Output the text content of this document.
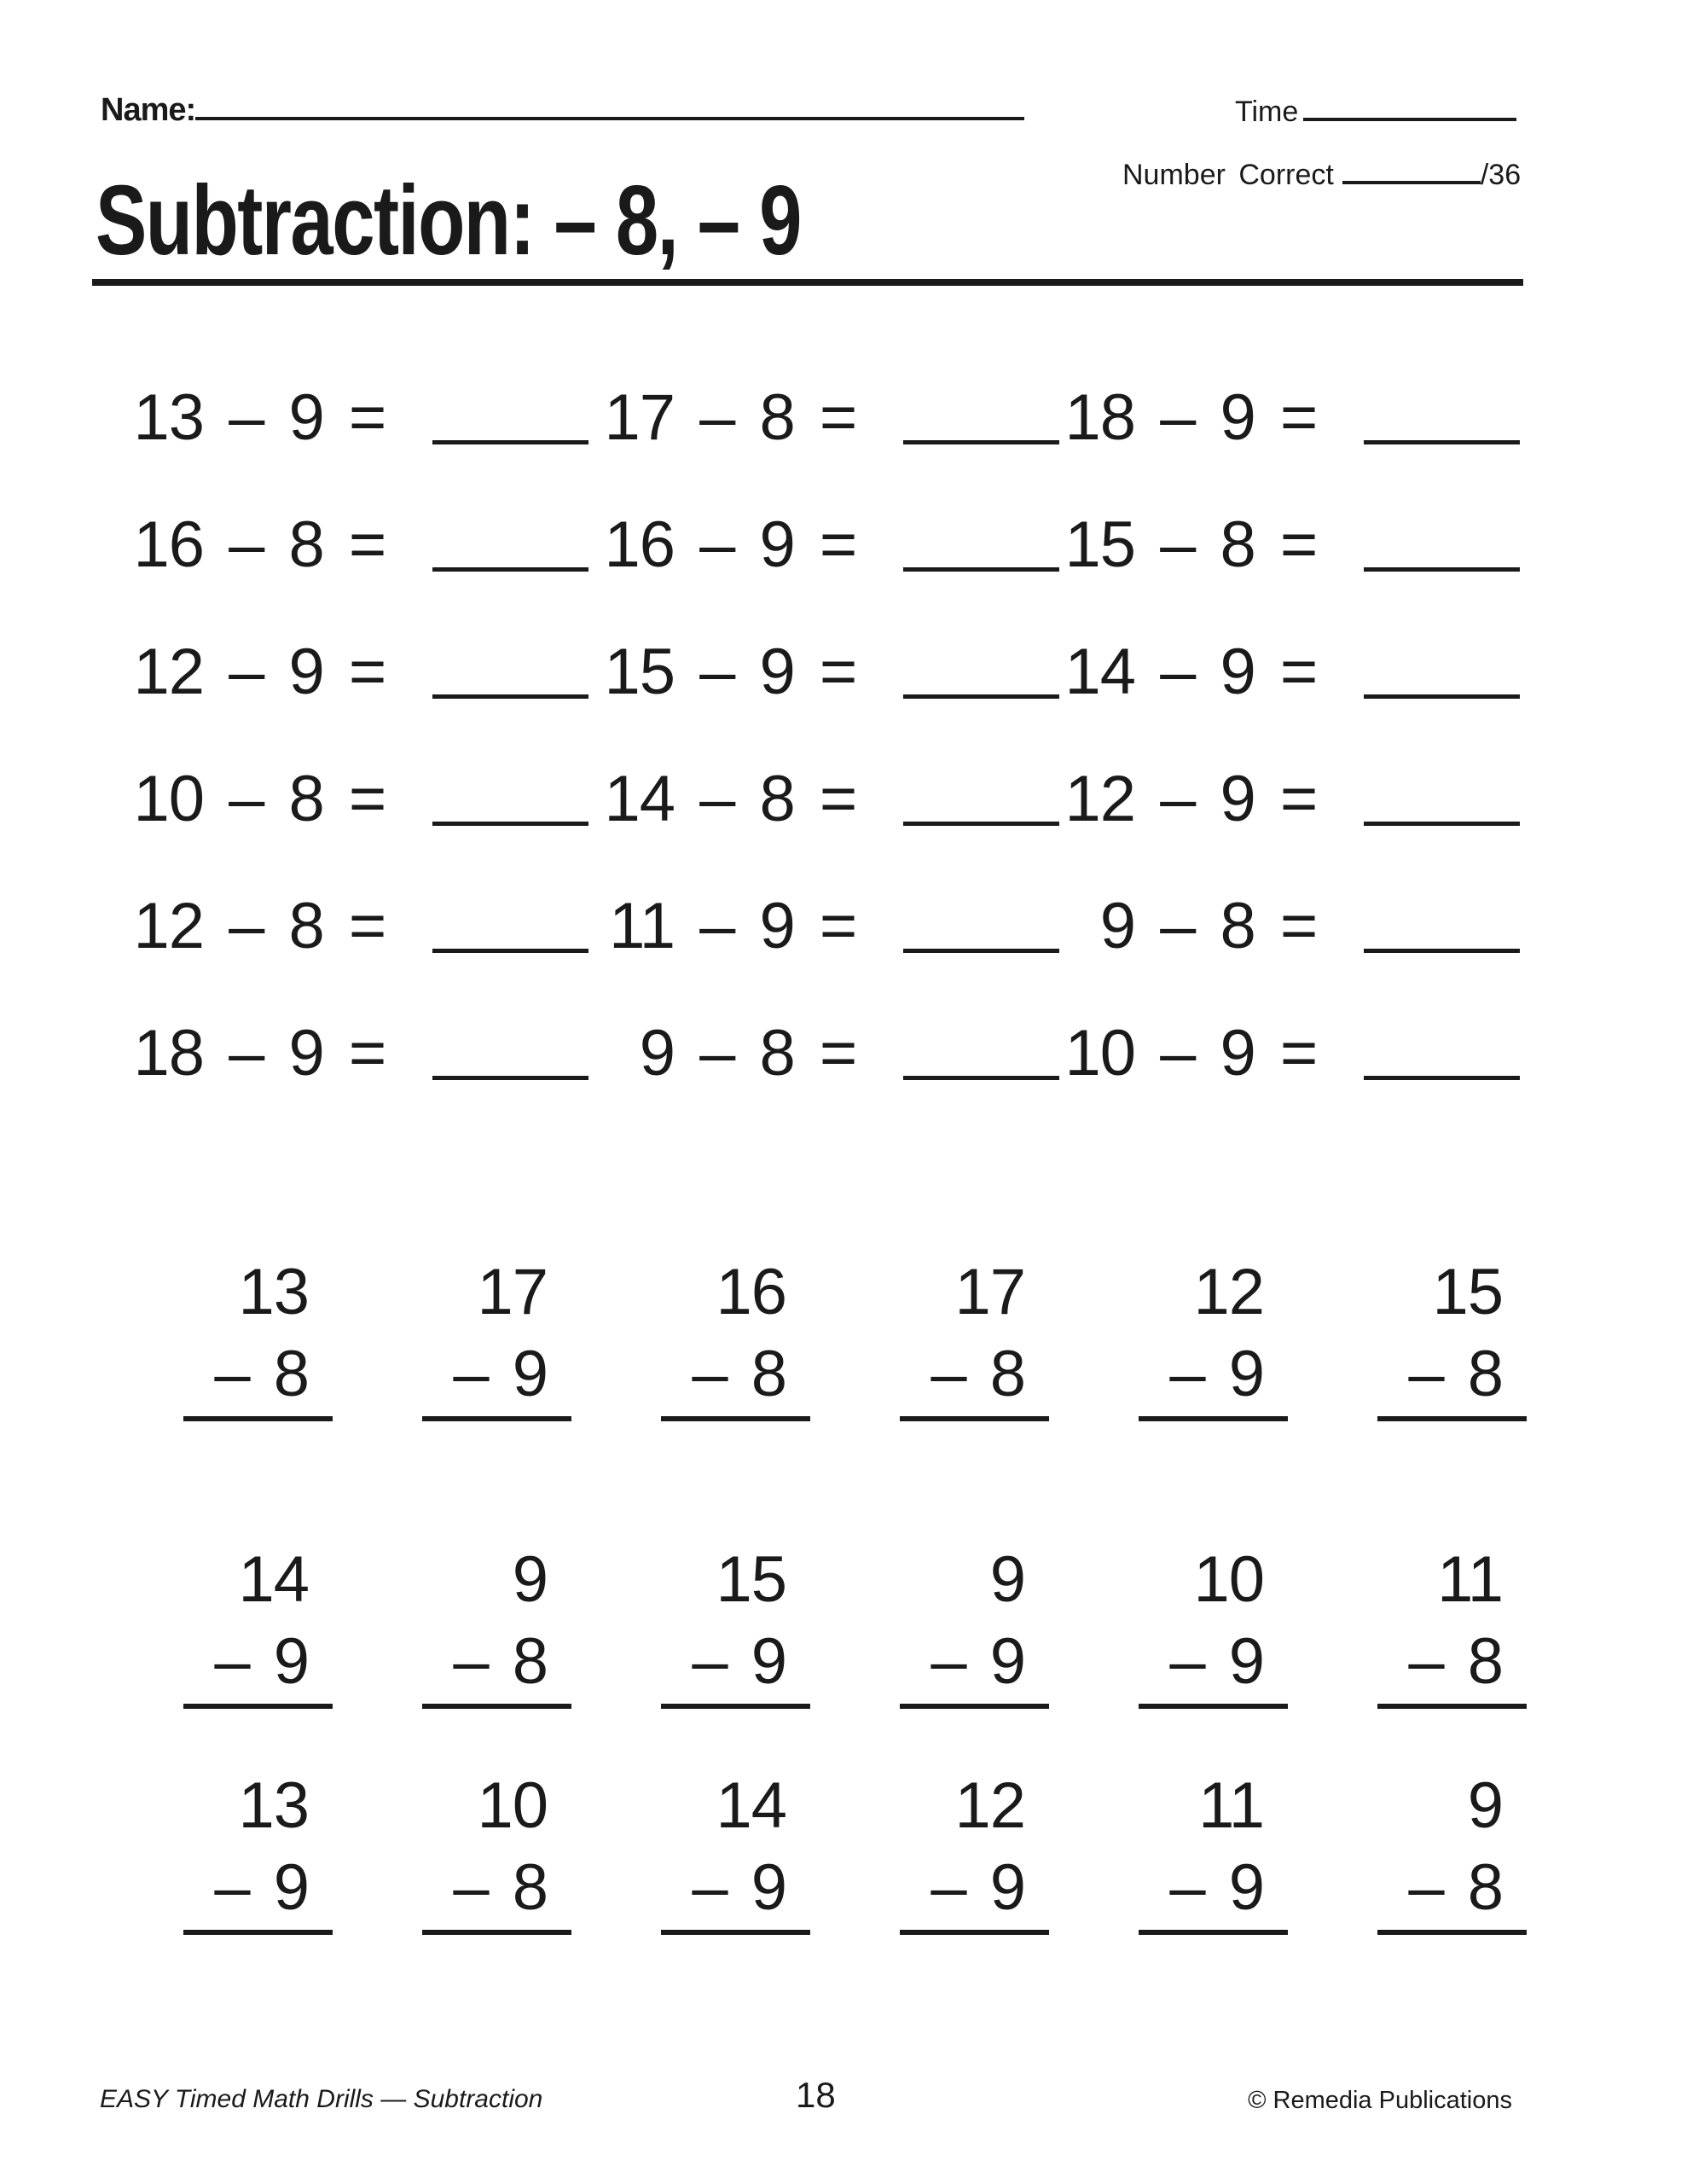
Name:	Time
Number Correct	/36
Subtraction: – 8, – 9
13 – 9 =	17 – 8 =	18 – 9 =
16 – 8 =	16 – 9 =	15 – 8 =
12 – 9 =	15 – 9 =	14 – 9 =
10 – 8 =	14 – 8 =	12 – 9 =
12 – 8 =	11 – 9 =	9 – 8 =
18 – 9 =	9 – 8 =	10 – 9 =
13
– 8
17
– 9
16
– 8
17
– 8
12
– 9
15
– 8
14
– 9
9
– 8
15
– 9
9
– 9
10
– 9
11
– 8
13
– 9
10
– 8
14
– 9
12
– 9
11
– 9
9
– 8
EASY Timed Math Drills — Subtraction	18	© Remedia Publications
